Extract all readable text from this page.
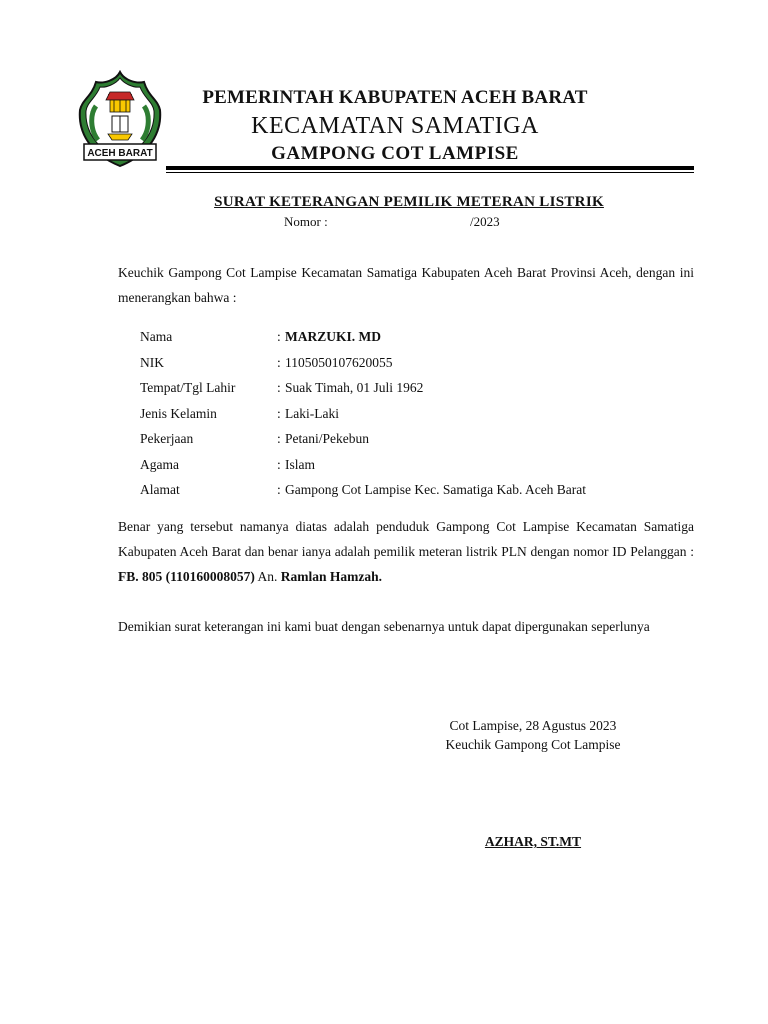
ACEH BARAT
PEMERINTAH KABUPATEN ACEH BARAT
KECAMATAN SAMATIGA
GAMPONG COT LAMPISE
SURAT KETERANGAN PEMILIK METERAN LISTRIK
Nomor :	/2023
Keuchik Gampong Cot Lampise Kecamatan Samatiga Kabupaten Aceh Barat Provinsi Aceh, dengan ini menerangkan bahwa :
Nama	: MARZUKI. MD
NIK	: 1105050107620055
Tempat/Tgl Lahir	: Suak Timah, 01 Juli 1962
Jenis Kelamin	: Laki-Laki
Pekerjaan	: Petani/Pekebun
Agama	: Islam
Alamat	: Gampong Cot Lampise Kec. Samatiga Kab. Aceh Barat
Benar yang tersebut namanya diatas adalah penduduk Gampong Cot Lampise Kecamatan Samatiga Kabupaten Aceh Barat dan benar ianya adalah pemilik meteran listrik PLN dengan nomor ID Pelanggan : FB. 805 (110160008057) An. Ramlan Hamzah.
Demikian surat keterangan ini kami buat dengan sebenarnya untuk dapat dipergunakan seperlunya
Cot Lampise, 28 Agustus 2023
Keuchik Gampong Cot Lampise
AZHAR, ST.MT
